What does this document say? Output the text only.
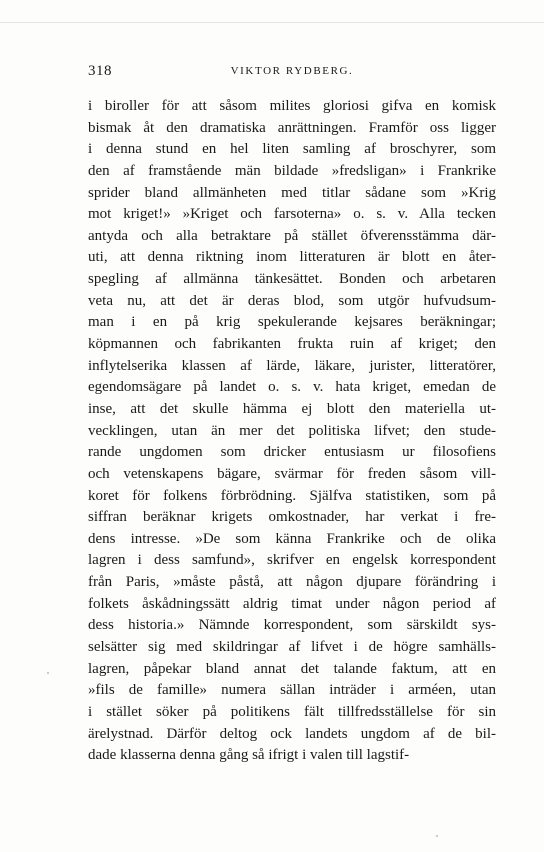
318	VIKTOR RYDBERG.
i biroller för att såsom milites gloriosi gifva en komisk
bismak åt den dramatiska anrättningen. Framför oss ligger
i denna stund en hel liten samling af broschyrer, som
den af framstående män bildade »fredsligan» i Frankrike
sprider bland allmänheten med titlar sådane som »Krig
mot kriget!» »Kriget och farsoterna» o. s. v. Alla tecken
antyda och alla betraktare på stället öfverensstämma där-
uti, att denna riktning inom litteraturen är blott en åter-
spegling af allmänna tänkesättet. Bonden och arbetaren
veta nu, att det är deras blod, som utgör hufvudsum-
man i en på krig spekulerande kejsares beräkningar;
köpmannen och fabrikanten frukta ruin af kriget; den
inflytelserika klassen af lärde, läkare, jurister, litteratörer,
egendomsägare på landet o. s. v. hata kriget, emedan de
inse, att det skulle hämma ej blott den materiella ut-
vecklingen, utan än mer det politiska lifvet; den stude-
rande ungdomen som dricker entusiasm ur filosofiens
och vetenskapens bägare, svärmar för freden såsom vill-
koret för folkens förbrödning. Själfva statistiken, som på
siffran beräknar krigets omkostnader, har verkat i fre-
dens intresse. »De som känna Frankrike och de olika
lagren i dess samfund», skrifver en engelsk korrespondent
från Paris, »måste påstå, att någon djupare förändring i
folkets åskådningssätt aldrig timat under någon period af
dess historia.» Nämnde korrespondent, som särskildt sys-
selsätter sig med skildringar af lifvet i de högre samhälls-
lagren, påpekar bland annat det talande faktum, att en
»fils de famille» numera sällan inträder i arméen, utan
i stället söker på politikens fält tillfredsställelse för sin
ärelystnad. Därför deltog ock landets ungdom af de bil-
dade klasserna denna gång så ifrigt i valen till lagstif-
